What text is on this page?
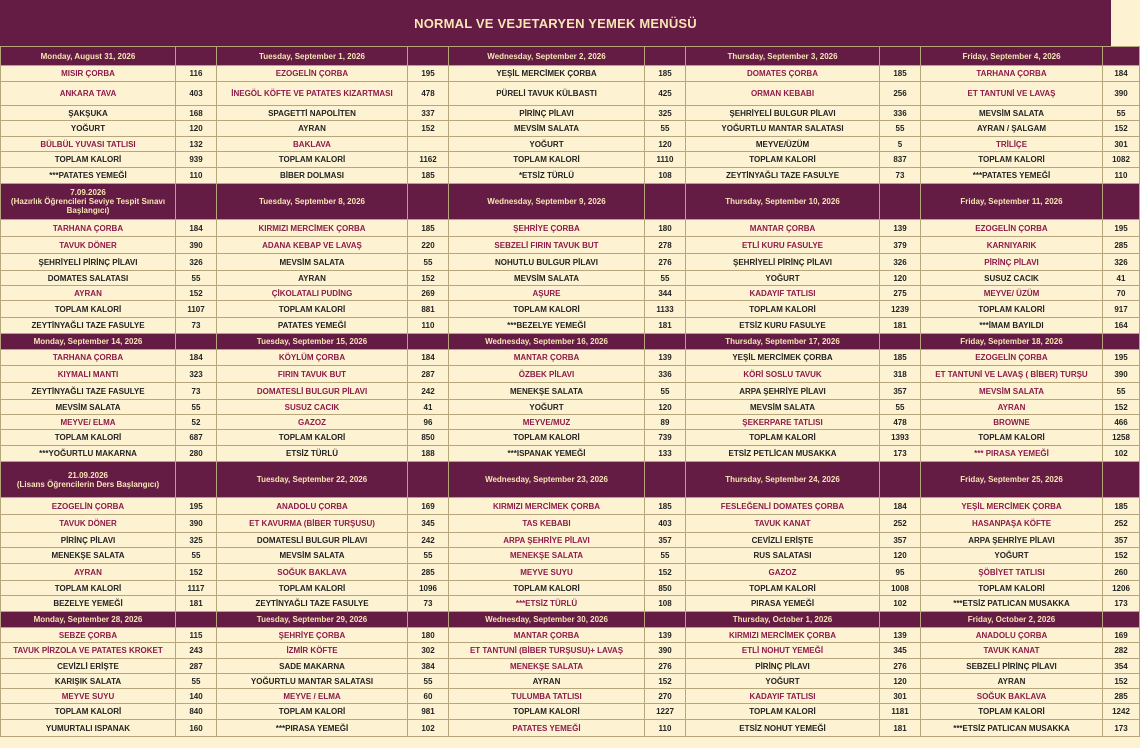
NORMAL VE VEJETARYEN YEMEK MENÜSÜ
Monday, August 31, 2026		Tuesday, September 1, 2026		Wednesday, September 2, 2026		Thursday, September 3, 2026		Friday, September 4, 2026	
MISIR ÇORBA	116	EZOGELİN ÇORBA	195	YEŞİL MERCİMEK ÇORBA	185	DOMATES ÇORBA	185	TARHANA ÇORBA	184
ANKARA TAVA	403	İNEGÖL KÖFTE VE PATATES KIZARTMASI	478	PÜRELİ TAVUK KÜLBASTI	425	ORMAN KEBABI	256	ET TANTUNİ VE LAVAŞ	390
ŞAKŞUKA	168	SPAGETTİ NAPOLİTEN	337	PİRİNÇ PİLAVI	325	ŞEHRİYELİ BULGUR PİLAVI	336	MEVSİM SALATA	55
YOĞURT	120	AYRAN	152	MEVSİM SALATA	55	YOĞURTLU MANTAR SALATASI	55	AYRAN / ŞALGAM	152
BÜLBÜL YUVASI TATLISI	132	BAKLAVA		YOĞURT	120	MEYVE/ÜZÜM	5	TRİLİÇE	301
TOPLAM KALORİ	939	TOPLAM KALORİ	1162	TOPLAM KALORİ	1110	TOPLAM KALORİ	837	TOPLAM KALORİ	1082
***PATATES YEMEĞİ	110	BİBER DOLMASI	185	*ETSİZ TÜRLÜ	108	ZEYTİNYAĞLI TAZE FASULYE	73	***PATATES YEMEĞİ	110
7.09.2026
(Hazırlık Öğrencileri Seviye Tespit Sınavı Başlangıcı)		Tuesday, September 8, 2026		Wednesday, September 9, 2026		Thursday, September 10, 2026		Friday, September 11, 2026	
TARHANA ÇORBA	184	KIRMIZI MERCİMEK ÇORBA	185	ŞEHRİYE ÇORBA	180	MANTAR ÇORBA	139	EZOGELİN ÇORBA	195
TAVUK DÖNER	390	ADANA KEBAP VE LAVAŞ	220	SEBZELİ FIRIN TAVUK BUT	278	ETLİ KURU FASULYE	379	KARNIYARIK	285
ŞEHRİYELİ PİRİNÇ PİLAVI	326	MEVSİM SALATA	55	NOHUTLU BULGUR PİLAVI	276	ŞEHRİYELİ PİRİNÇ PİLAVI	326	PİRİNÇ PİLAVI	326
DOMATES SALATASI	55	AYRAN	152	MEVSİM SALATA	55	YOĞURT	120	SUSUZ CACIK	41
AYRAN	152	ÇİKOLATALI PUDİNG	269	AŞURE	344	KADAYIF TATLISI	275	MEYVE/ ÜZÜM	70
TOPLAM KALORİ	1107	TOPLAM KALORİ	881	TOPLAM KALORİ	1133	TOPLAM KALORİ	1239	TOPLAM KALORİ	917
ZEYTİNYAĞLI TAZE FASULYE	73	PATATES YEMEĞİ	110	***BEZELYE YEMEĞİ	181	ETSİZ KURU FASULYE	181	***İMAM BAYILDI	164
Monday, September 14, 2026		Tuesday, September 15, 2026		Wednesday, September 16, 2026		Thursday, September 17, 2026		Friday, September 18, 2026	
TARHANA ÇORBA	184	KÖYLÜM ÇORBA	184	MANTAR ÇORBA	139	YEŞİL MERCİMEK ÇORBA	185	EZOGELİN ÇORBA	195
KIYMALI MANTI	323	FIRIN TAVUK BUT	287	ÖZBEK PİLAVI	336	KÖRİ SOSLU TAVUK	318	ET TANTUNİ VE LAVAŞ ( BİBER) TURŞU	390
ZEYTİNYAĞLI TAZE FASULYE	73	DOMATESLİ BULGUR PİLAVI	242	MENEKŞE SALATA	55	ARPA ŞEHRİYE PİLAVI	357	MEVSİM SALATA	55
MEVSİM SALATA	55	SUSUZ CACIK	41	YOĞURT	120	MEVSİM SALATA	55	AYRAN	152
MEYVE/ ELMA	52	GAZOZ	96	MEYVE/MUZ	89	ŞEKERPARE TATLISI	478	BROWNE	466
TOPLAM KALORİ	687	TOPLAM KALORİ	850	TOPLAM KALORİ	739	TOPLAM KALORİ	1393	TOPLAM KALORİ	1258
***YOĞURTLU MAKARNA	280	ETSİZ TÜRLÜ	188	***ISPANAK YEMEĞİ	133	ETSİZ PETLİCAN MUSAKKA	173	*** PIRASA YEMEĞİ	102
21.09.2026
(Lisans Öğrencilerin Ders Başlangıcı)		Tuesday, September 22, 2026		Wednesday, September 23, 2026		Thursday, September 24, 2026		Friday, September 25, 2026	
EZOGELİN ÇORBA	195	ANADOLU ÇORBA	169	KIRMIZI MERCİMEK ÇORBA	185	FESLEĞENLİ DOMATES ÇORBA	184	YEŞİL MERCİMEK ÇORBA	185
TAVUK DÖNER	390	ET KAVURMA (BİBER TURŞUSU)	345	TAS KEBABI	403	TAVUK KANAT	252	HASANPAŞA KÖFTE	252
PİRİNÇ PİLAVI	325	DOMATESLİ BULGUR PİLAVI	242	ARPA ŞEHRİYE PİLAVI	357	CEVİZLİ ERİŞTE	357	ARPA ŞEHRİYE PİLAVI	357
MENEKŞE SALATA	55	MEVSİM SALATA	55	MENEKŞE SALATA	55	RUS SALATASI	120	YOĞURT	152
AYRAN	152	SOĞUK BAKLAVA	285	MEYVE SUYU	152	GAZOZ	95	ŞÖBİYET TATLISI	260
TOPLAM KALORİ	1117	TOPLAM KALORİ	1096	TOPLAM KALORİ	850	TOPLAM KALORİ	1008	TOPLAM KALORİ	1206
BEZELYE YEMEĞİ	181	ZEYTİNYAĞLI TAZE FASULYE	73	***ETSİZ TÜRLÜ	108	PIRASA YEMEĞİ	102	***ETSİZ PATLICAN MUSAKKA	173
Monday, September 28, 2026		Tuesday, September 29, 2026		Wednesday, September 30, 2026		Thursday, October 1, 2026		Friday, October 2, 2026	
SEBZE ÇORBA	115	ŞEHRİYE ÇORBA	180	MANTAR ÇORBA	139	KIRMIZI MERCİMEK ÇORBA	139	ANADOLU ÇORBA	169
TAVUK PİRZOLA VE PATATES KROKET	243	İZMİR KÖFTE	302	ET TANTUNİ (BİBER TURŞUSU)+ LAVAŞ	390	ETLİ NOHUT YEMEĞİ	345	TAVUK KANAT	282
CEVİZLİ ERİŞTE	287	SADE MAKARNA	384	MENEKŞE SALATA	276	PİRİNÇ PİLAVI	276	SEBZELİ PİRİNÇ PİLAVI	354
KARIŞIK SALATA	55	YOĞURTLU MANTAR SALATASI	55	AYRAN	152	YOĞURT	120	AYRAN	152
MEYVE SUYU	140	MEYVE / ELMA	60	TULUMBA TATLISI	270	KADAYIF TATLISI	301	SOĞUK BAKLAVA	285
TOPLAM KALORİ	840	TOPLAM KALORİ	981	TOPLAM KALORİ	1227	TOPLAM KALORİ	1181	TOPLAM KALORİ	1242
YUMURTALI ISPANAK	160	***PIRASA YEMEĞİ	102	PATATES YEMEĞİ	110	ETSİZ NOHUT YEMEĞİ	181	***ETSİZ PATLICAN MUSAKKA	173
